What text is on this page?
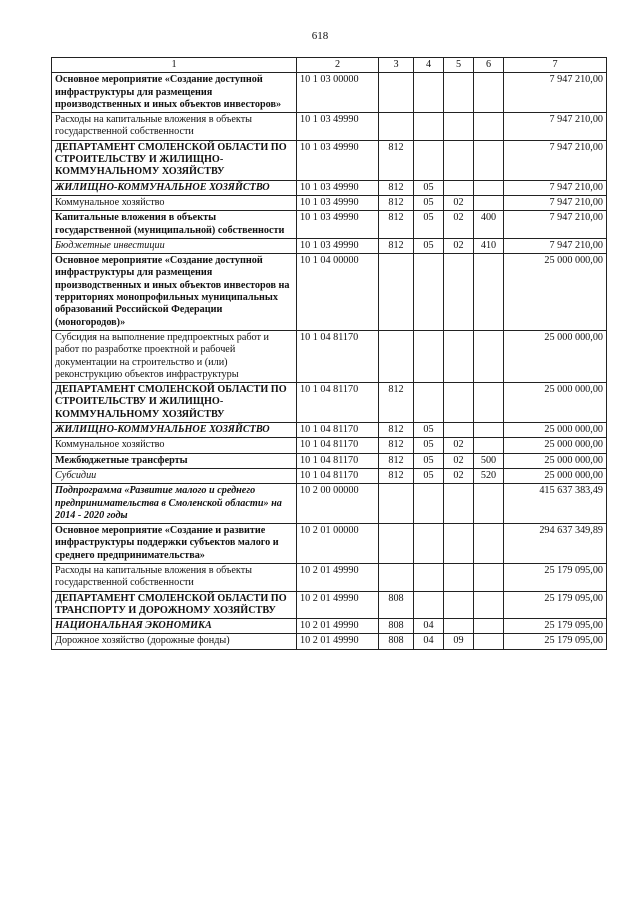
618
1	2	3	4	5	6	7
Основное мероприятие «Создание доступной инфраструктуры для размещения производственных и иных объектов инвесторов»	10 1 03 00000					7 947 210,00
Расходы на капитальные вложения в объекты государственной собственности	10 1 03 49990					7 947 210,00
ДЕПАРТАМЕНТ СМОЛЕНСКОЙ ОБЛАСТИ ПО СТРОИТЕЛЬСТВУ И ЖИЛИЩНО-КОММУНАЛЬНОМУ ХОЗЯЙСТВУ	10 1 03 49990	812				7 947 210,00
ЖИЛИЩНО-КОММУНАЛЬНОЕ ХОЗЯЙСТВО	10 1 03 49990	812	05			7 947 210,00
Коммунальное хозяйство	10 1 03 49990	812	05	02		7 947 210,00
Капитальные вложения в объекты государственной (муниципальной) собственности	10 1 03 49990	812	05	02	400	7 947 210,00
Бюджетные инвестиции	10 1 03 49990	812	05	02	410	7 947 210,00
Основное мероприятие «Создание доступной инфраструктуры для размещения производственных и иных объектов инвесторов на территориях монопрофильных муниципальных образований Российской Федерации (моногородов)»	10 1 04 00000					25 000 000,00
Субсидия на выполнение предпроектных работ и работ по разработке проектной и рабочей документации на строительство и (или) реконструкцию объектов инфраструктуры	10 1 04 81170					25 000 000,00
ДЕПАРТАМЕНТ СМОЛЕНСКОЙ ОБЛАСТИ ПО СТРОИТЕЛЬСТВУ И ЖИЛИЩНО-КОММУНАЛЬНОМУ ХОЗЯЙСТВУ	10 1 04 81170	812				25 000 000,00
ЖИЛИЩНО-КОММУНАЛЬНОЕ ХОЗЯЙСТВО	10 1 04 81170	812	05			25 000 000,00
Коммунальное хозяйство	10 1 04 81170	812	05	02		25 000 000,00
Межбюджетные трансферты	10 1 04 81170	812	05	02	500	25 000 000,00
Субсидии	10 1 04 81170	812	05	02	520	25 000 000,00
Подпрограмма «Развитие малого и среднего предпринимательства в Смоленской области» на 2014 - 2020 годы	10 2 00 00000					415 637 383,49
Основное мероприятие «Создание и развитие инфраструктуры поддержки субъектов малого и среднего предпринимательства»	10 2 01 00000					294 637 349,89
Расходы на капитальные вложения в объекты государственной собственности	10 2 01 49990					25 179 095,00
ДЕПАРТАМЕНТ СМОЛЕНСКОЙ ОБЛАСТИ ПО ТРАНСПОРТУ И ДОРОЖНОМУ ХОЗЯЙСТВУ	10 2 01 49990	808				25 179 095,00
НАЦИОНАЛЬНАЯ ЭКОНОМИКА	10 2 01 49990	808	04			25 179 095,00
Дорожное хозяйство (дорожные фонды)	10 2 01 49990	808	04	09		25 179 095,00
